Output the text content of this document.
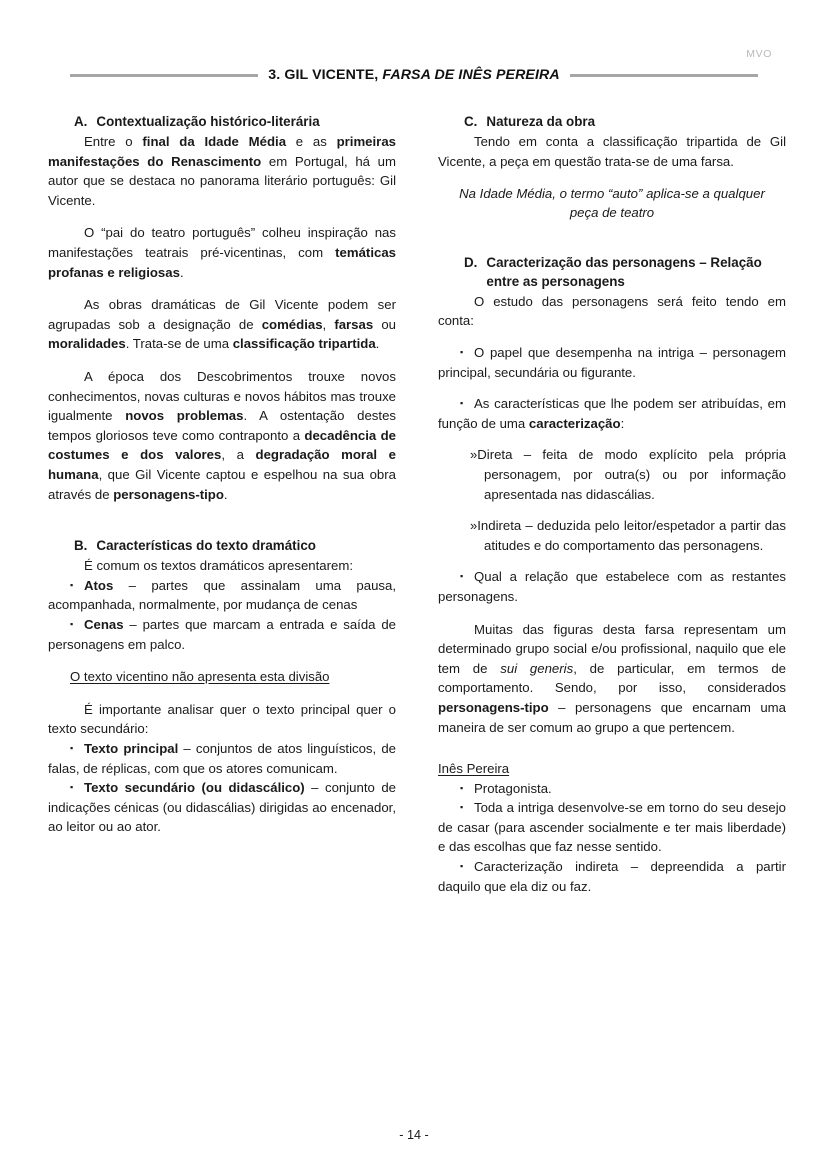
MVO
3. GIL VICENTE, FARSA DE INÊS PEREIRA
A. Contextualização histórico-literária

Entre o final da Idade Média e as primeiras manifestações do Renascimento em Portugal, há um autor que se destaca no panorama literário português: Gil Vicente.

O “pai do teatro português” colheu inspiração nas manifestações teatrais pré-vicentinas, com temáticas profanas e religiosas.

As obras dramáticas de Gil Vicente podem ser agrupadas sob a designação de comédias, farsas ou moralidades. Trata-se de uma classificação tripartida.

A época dos Descobrimentos trouxe novos conhecimentos, novas culturas e novos hábitos mas trouxe igualmente novos problemas. A ostentação destes tempos gloriosos teve como contraponto a decadência de costumes e dos valores, a degradação moral e humana, que Gil Vicente captou e espelhou na sua obra através de personagens-tipo.

B. Características do texto dramático

É comum os textos dramáticos apresentarem:

▪ Atos – partes que assinalam uma pausa, acompanhada, normalmente, por mudança de cenas

▪ Cenas – partes que marcam a entrada e saída de personagens em palco.

O texto vicentino não apresenta esta divisão

É importante analisar quer o texto principal quer o texto secundário:

▪ Texto principal – conjuntos de atos linguísticos, de falas, de réplicas, com que os atores comunicam.

▪ Texto secundário (ou didascálico) – conjunto de indicações cénicas (ou didascálias) dirigidas ao encenador, ao leitor ou ao ator.

C. Natureza da obra

Tendo em conta a classificação tripartida de Gil Vicente, a peça em questão trata-se de uma farsa.

Na Idade Média, o termo “auto” aplica-se a qualquer peça de teatro

D. Caracterização das personagens – Relação entre as personagens

O estudo das personagens será feito tendo em conta:

▪ O papel que desempenha na intriga – personagem principal, secundária ou figurante.

▪ As características que lhe podem ser atribuídas, em função de uma caracterização:

»Direta – feita de modo explícito pela própria personagem, por outra(s) ou por informação apresentada nas didascálias.

»Indireta – deduzida pelo leitor/espetador a partir das atitudes e do comportamento das personagens.

▪ Qual a relação que estabelece com as restantes personagens.

Muitas das figuras desta farsa representam um determinado grupo social e/ou profissional, naquilo que ele tem de sui generis, de particular, em termos de comportamento. Sendo, por isso, considerados personagens-tipo – personagens que encarnam uma maneira de ser comum ao grupo a que pertencem.

Inês Pereira

▪ Protagonista.

▪ Toda a intriga desenvolve-se em torno do seu desejo de casar (para ascender socialmente e ter mais liberdade) e das escolhas que faz nesse sentido.

▪ Caracterização indireta – depreendida a partir daquilo que ela diz ou faz.

- 14 -
